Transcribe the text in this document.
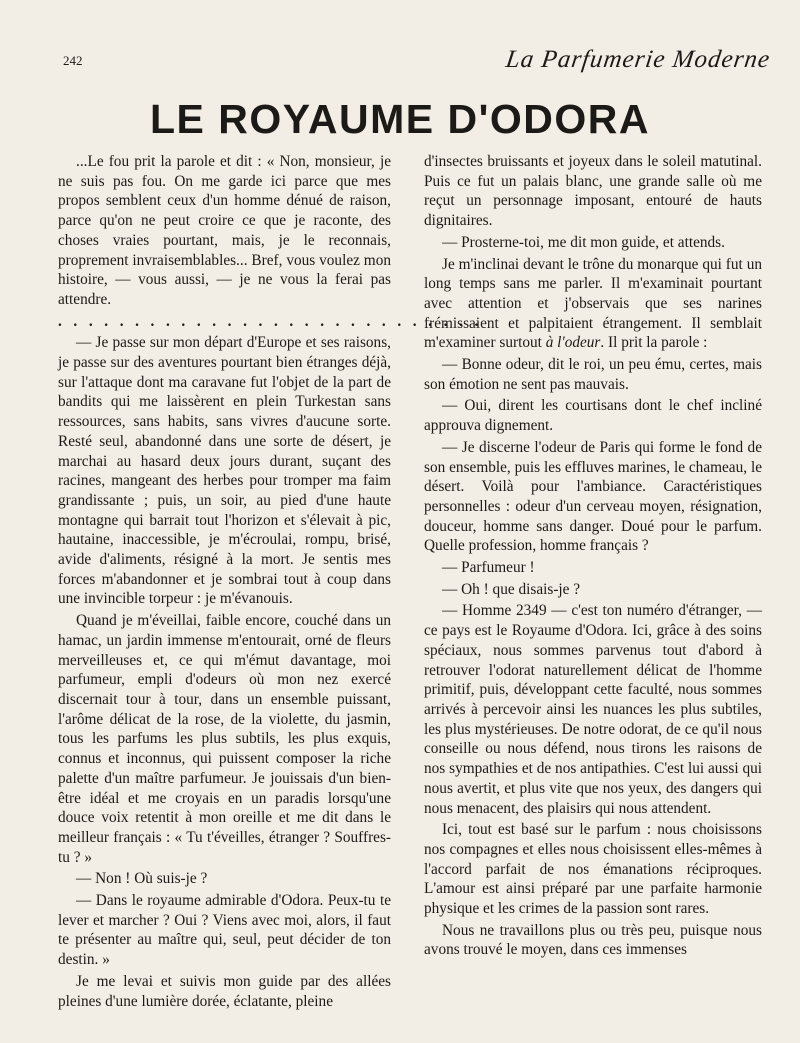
242	La Parfumerie Moderne
LE ROYAUME D'ODORA

...Le fou prit la parole et dit : « Non, monsieur, je ne suis pas fou. On me garde ici parce que mes propos semblent ceux d'un homme dénué de raison, parce qu'on ne peut croire ce que je raconte, des choses vraies pourtant, mais, je le reconnais, proprement invraisemblables... Bref, vous voulez mon histoire, — vous aussi, — je ne vous la ferai pas attendre.

............................

— Je passe sur mon départ d'Europe et ses raisons, je passe sur des aventures pourtant bien étranges déjà, sur l'attaque dont ma caravane fut l'objet de la part de bandits qui me laissèrent en plein Turkestan sans ressources, sans habits, sans vivres d'aucune sorte. Resté seul, abandonné dans une sorte de désert, je marchai au hasard deux jours durant, suçant des racines, mangeant des herbes pour tromper ma faim grandissante ; puis, un soir, au pied d'une haute montagne qui barrait tout l'horizon et s'élevait à pic, hautaine, inaccessible, je m'écroulai, rompu, brisé, avide d'aliments, résigné à la mort. Je sentis mes forces m'abandonner et je sombrai tout à coup dans une invincible torpeur : je m'évanouis.

Quand je m'éveillai, faible encore, couché dans un hamac, un jardin immense m'entourait, orné de fleurs merveilleuses et, ce qui m'émut davantage, moi parfumeur, empli d'odeurs où mon nez exercé discernait tour à tour, dans un ensemble puissant, l'arôme délicat de la rose, de la violette, du jasmin, tous les parfums les plus subtils, les plus exquis, connus et inconnus, qui puissent composer la riche palette d'un maître parfumeur. Je jouissais d'un bien-être idéal et me croyais en un paradis lorsqu'une douce voix retentit à mon oreille et me dit dans le meilleur français : « Tu t'éveilles, étranger ? Souffres-tu ? »

— Non ! Où suis-je ?

— Dans le royaume admirable d'Odora. Peux-tu te lever et marcher ? Oui ? Viens avec moi, alors, il faut te présenter au maître qui, seul, peut décider de ton destin. »

Je me levai et suivis mon guide par des allées pleines d'une lumière dorée, éclatante, pleine

d'insectes bruissants et joyeux dans le soleil matutinal. Puis ce fut un palais blanc, une grande salle où me reçut un personnage imposant, entouré de hauts dignitaires.

— Prosterne-toi, me dit mon guide, et attends.

Je m'inclinai devant le trône du monarque qui fut un long temps sans me parler. Il m'examinait pourtant avec attention et j'observais que ses narines frémissaient et palpitaient étrangement. Il semblait m'examiner surtout à l'odeur. Il prit la parole :

— Bonne odeur, dit le roi, un peu ému, certes, mais son émotion ne sent pas mauvais.

— Oui, dirent les courtisans dont le chef incliné approuva dignement.

— Je discerne l'odeur de Paris qui forme le fond de son ensemble, puis les effluves marines, le chameau, le désert. Voilà pour l'ambiance. Caractéristiques personnelles : odeur d'un cerveau moyen, résignation, douceur, homme sans danger. Doué pour le parfum. Quelle profession, homme français ?

— Parfumeur !

— Oh ! que disais-je ?

— Homme 2349 — c'est ton numéro d'étranger, — ce pays est le Royaume d'Odora. Ici, grâce à des soins spéciaux, nous sommes parvenus tout d'abord à retrouver l'odorat naturellement délicat de l'homme primitif, puis, développant cette faculté, nous sommes arrivés à percevoir ainsi les nuances les plus subtiles, les plus mystérieuses. De notre odorat, de ce qu'il nous conseille ou nous défend, nous tirons les raisons de nos sympathies et de nos antipathies. C'est lui aussi qui nous avertit, et plus vite que nos yeux, des dangers qui nous menacent, des plaisirs qui nous attendent.

Ici, tout est basé sur le parfum : nous choisissons nos compagnes et elles nous choisissent elles-mêmes à l'accord parfait de nos émanations réciproques. L'amour est ainsi préparé par une parfaite harmonie physique et les crimes de la passion sont rares.

Nous ne travaillons plus ou très peu, puisque nous avons trouvé le moyen, dans ces immenses
